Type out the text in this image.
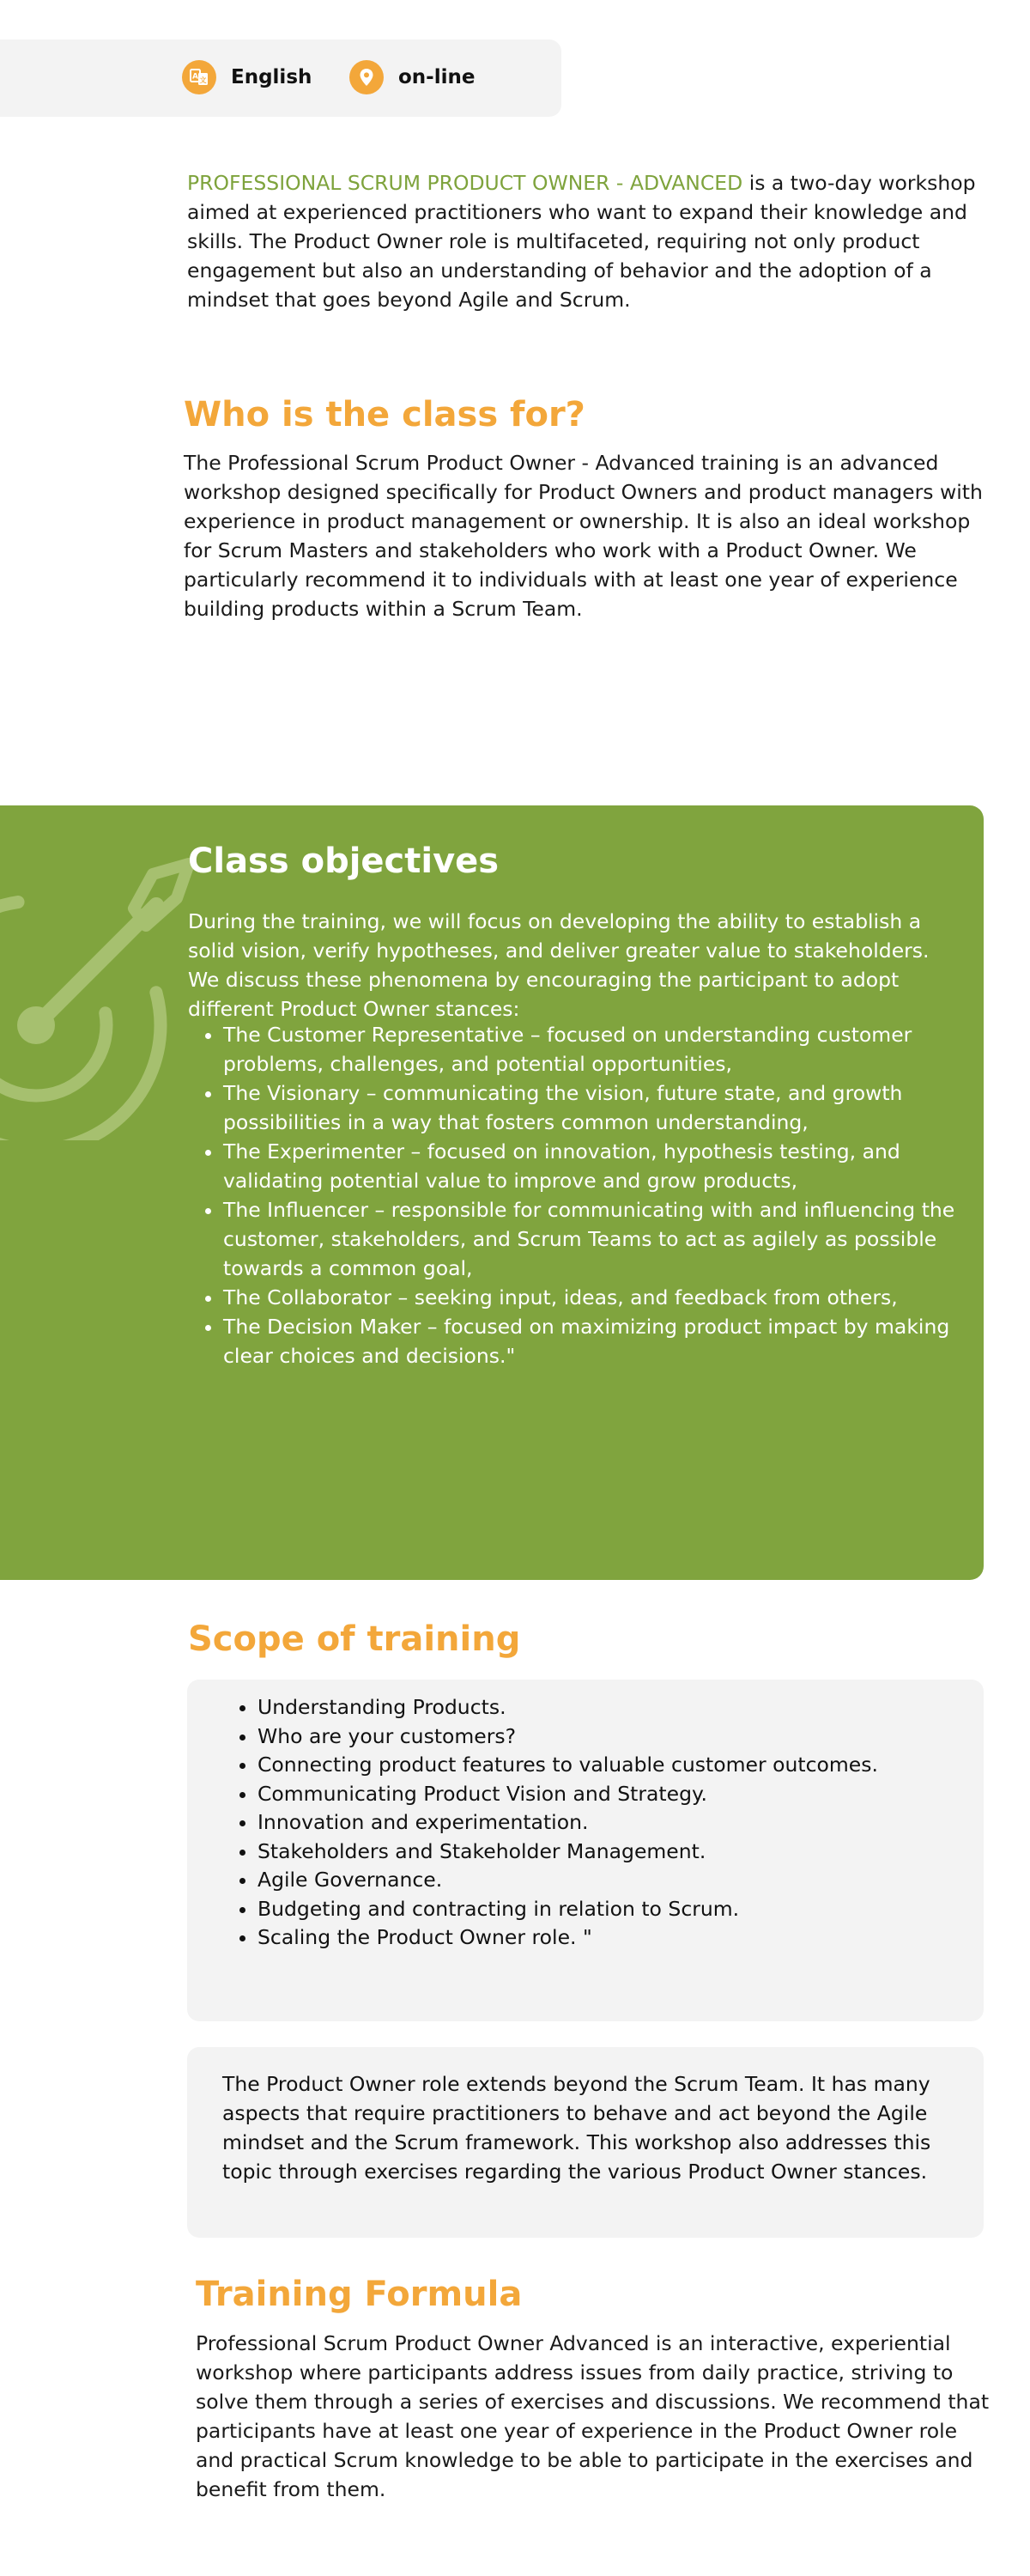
A 文 English	on-line

PROFESSIONAL SCRUM PRODUCT OWNER - ADVANCED is a two-day workshop aimed at experienced practitioners who want to expand their knowledge and skills. The Product Owner role is multifaceted, requiring not only product engagement but also an understanding of behavior and the adoption of a mindset that goes beyond Agile and Scrum.

Who is the class for?

The Professional Scrum Product Owner - Advanced training is an advanced workshop designed specifically for Product Owners and product managers with experience in product management or ownership. It is also an ideal workshop for Scrum Masters and stakeholders who work with a Product Owner. We particularly recommend it to individuals with at least one year of experience building products within a Scrum Team.

Class objectives

During the training, we will focus on developing the ability to establish a solid vision, verify hypotheses, and deliver greater value to stakeholders. We discuss these phenomena by encouraging the participant to adopt different Product Owner stances:

• The Customer Representative – focused on understanding customer problems, challenges, and potential opportunities,
• The Visionary – communicating the vision, future state, and growth possibilities in a way that fosters common understanding,
• The Experimenter – focused on innovation, hypothesis testing, and validating potential value to improve and grow products,
• The Influencer – responsible for communicating with and influencing the customer, stakeholders, and Scrum Teams to act as agilely as possible towards a common goal,
• The Collaborator – seeking input, ideas, and feedback from others,
• The Decision Maker – focused on maximizing product impact by making clear choices and decisions."
Scope of training
• Understanding Products.
• Who are your customers?
• Connecting product features to valuable customer outcomes.
• Communicating Product Vision and Strategy.
• Innovation and experimentation.
• Stakeholders and Stakeholder Management.
• Agile Governance.
• Budgeting and contracting in relation to Scrum.
• Scaling the Product Owner role. "

The Product Owner role extends beyond the Scrum Team. It has many aspects that require practitioners to behave and act beyond the Agile mindset and the Scrum framework. This workshop also addresses this topic through exercises regarding the various Product Owner stances.

Training Formula

Professional Scrum Product Owner Advanced is an interactive, experiential workshop where participants address issues from daily practice, striving to solve them through a series of exercises and discussions. We recommend that participants have at least one year of experience in the Product Owner role and practical Scrum knowledge to be able to participate in the exercises and benefit from them.
